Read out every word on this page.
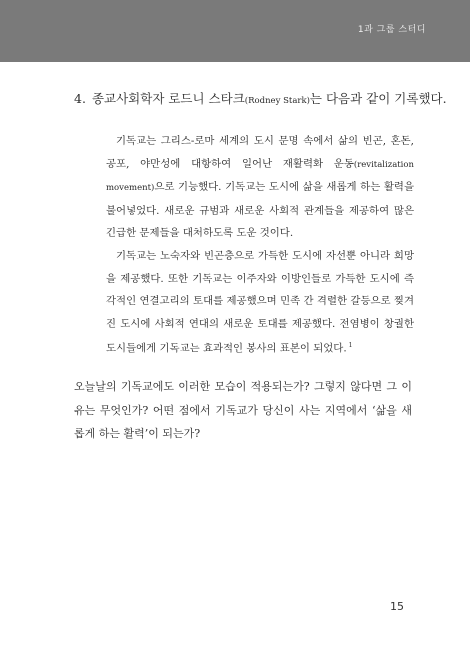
1과 그룹 스터디
4. 종교사회학자 로드니 스타크(Rodney Stark)는 다음과 같이 기록했다.

기독교는 그리스-로마 세계의 도시 문명 속에서 삶의 빈곤, 혼돈, 공포, 야만성에 대항하여 일어난 재활력화 운동(revitalization movement)으로 기능했다. 기독교는 도시에 삶을 새롭게 하는 활력을 불어넣었다. 새로운 규범과 새로운 사회적 관계들을 제공하여 많은 긴급한 문제들을 대처하도록 도운 것이다.

기독교는 노숙자와 빈곤층으로 가득한 도시에 자선뿐 아니라 희망을 제공했다. 또한 기독교는 이주자와 이방인들로 가득한 도시에 즉각적인 연결고리의 토대를 제공했으며 민족 간 격렬한 갈등으로 찢겨진 도시에 사회적 연대의 새로운 토대를 제공했다. 전염병이 창궐한 도시들에게 기독교는 효과적인 봉사의 표본이 되었다. $^1$

오늘날의 기독교에도 이러한 모습이 적용되는가? 그렇지 않다면 그 이유는 무엇인가? 어떤 점에서 기독교가 당신이 사는 지역에서 ‘삶을 새롭게 하는 활력’이 되는가?
15
